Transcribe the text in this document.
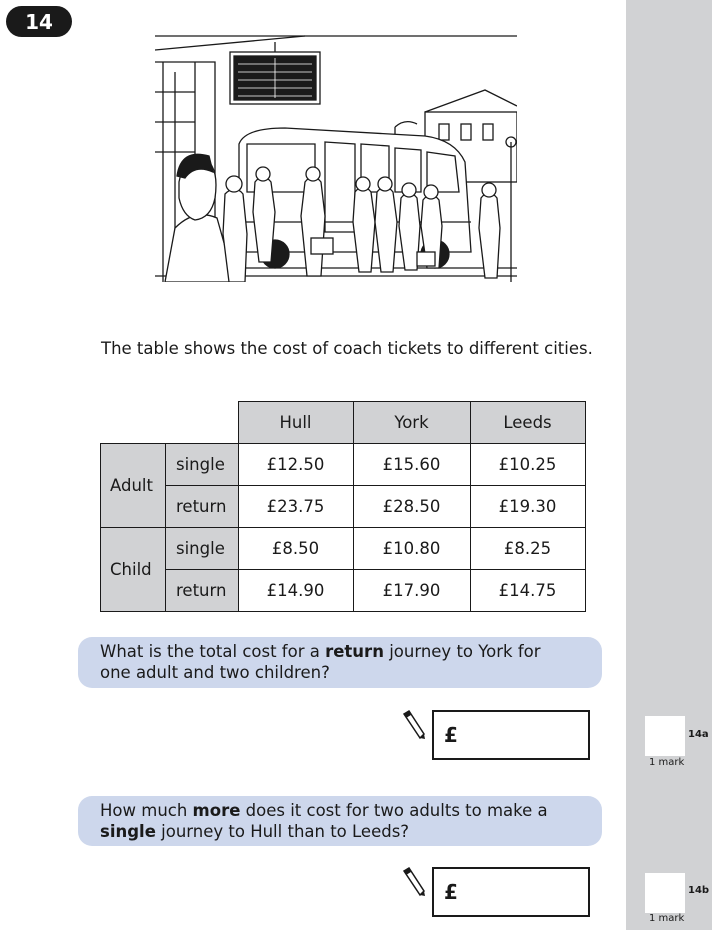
14
The table shows the cost of coach tickets to different cities.
		Hull	York	Leeds
Adult	single	£12.50	£15.60	£10.25
	return	£23.75	£28.50	£19.30
Child	single	£8.50	£10.80	£8.25
	return	£14.90	£17.90	£14.75
What is the total cost for a return journey to York for
one adult and two children?
£	14a
1 mark
How much more does it cost for two adults to make a
single journey to Hull than to Leeds?
£	14b
1 mark
